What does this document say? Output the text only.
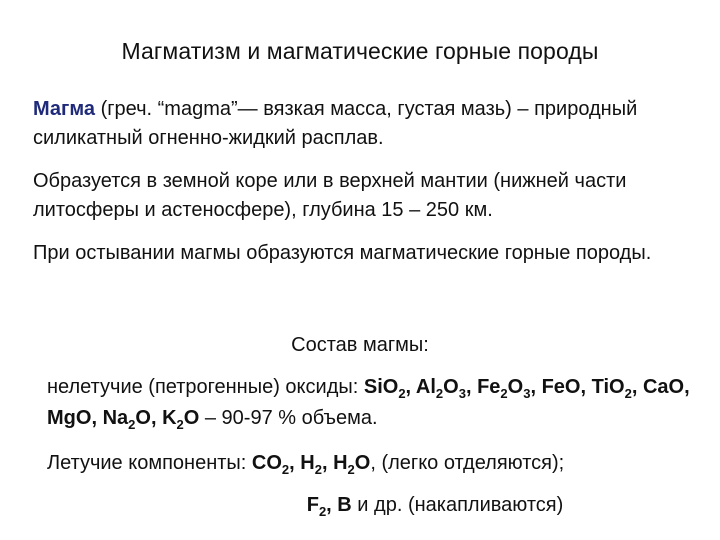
Магматизм и магматические горные породы

Магма (греч. “magma”— вязкая масса, густая мазь) – природный силикатный огненно-жидкий расплав.

Образуется в земной коре или в верхней мантии (нижней части литосферы и астеносфере), глубина 15 – 250 км.

При остывании магмы образуются магматические горные породы.

Состав магмы:

нелетучие (петрогенные) оксиды: SiO$_2$, $Al_2O_3$, $Fe_2O_3$, FeO, TiO$_2$, CaO, MgO, $Na_2O$, $K_2O - 90-97$ % объема.

Летучие компоненты: $CO_2$, $H_2$, $H_2O$, (легко отделяются);

$F_2$, B и др. (накапливаются)
